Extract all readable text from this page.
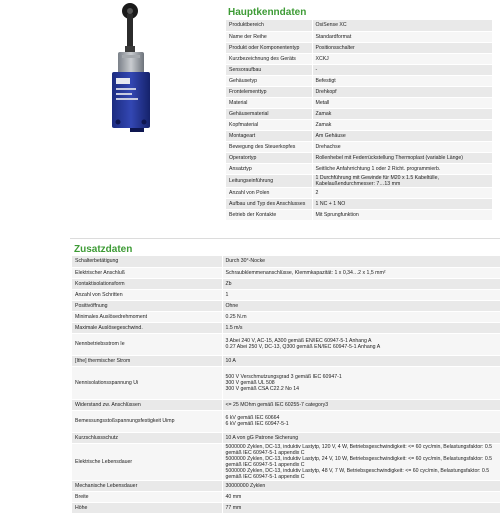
Hauptkenndaten
Produktbereich	OsiSense XC
Name der Reihe	Standardformat
Produkt oder Komponententyp	Positionsschalter
Kurzbezeichnung des Geräts	XCKJ
Sensoraufbau	-
Gehäusetyp	Befestigt
Frontelementtyp	Drehkopf
Material	Metall
Gehäusematerial	Zamak
Kopfmaterial	Zamak
Montageart	Am Gehäuse
Bewegung des Steuerkopfes	Drehachse
Operatortyp	Rollenhebel mit Federrückstellung Thermoplast (variable Länge)
Ansatztyp	Seitliche Anfahrrichtung 1 oder 2 Richt. programmierb.
Leitungseinführung	1 Durchführung mit Gewinde für M20 x 1.5 Kabeltülle, Kabelaußendurchmesser: 7…13 mm
Anzahl von Polen	2
Aufbau und Typ des Anschlusses	1 NC + 1 NO
Betrieb der Kontakte	Mit Sprungfunktion
Zusatzdaten
Schalterbetätigung	Durch 30°-Nocke
Elektrischer Anschluß	Schraubklemmenanschlüsse, Klemmkapazität: 1 x 0,34…2 x 1,5 mm²
Kontaktisolationsform	Zb
Anzahl von Schritten	1
Positivöffnung	Ohne
Minimales Auslösedrehmoment	0.25 N.m
Maximale Auslösegeschwind.	1.5 m/s
Nennbetriebsstrom Ie	3 Abei 240 V, AC-15, A300 gemäß EN/IEC 60947-5-1 Anhang A
0.27 Abei 250 V, DC-13, Q300 gemäß EN/IEC 60947-5-1 Anhang A
[Ithe] thermischer Strom	10 A
Nennisolationsspannung Ui	500 V Verschmutzungsgrad 3 gemäß IEC 60947-1
300 V gemäß UL 508
300 V gemäß CSA C22.2 No 14
Widerstand zw. Anschlüssen	<= 25 MOhm gemäß IEC 60255-7 category3
Bemessungsstoßspannungsfestigkeit Uimp	6 kV gemäß IEC 60664
6 kV gemäß IEC 60947-5-1
Kurzschlussschutz	10 A von gG Patrone Sicherung
Elektrische Lebensdauer	5000000 Zyklen, DC-13, induktiv Lastytp, 120 V, 4 W, Betriebsgeschwindigkeit: <= 60 cyc/min, Belastungsfaktor: 0.5 gemäß IEC 60947-5-1 appendix C
5000000 Zyklen, DC-13, induktiv Lastytp, 24 V, 10 W, Betriebsgeschwindigkeit: <= 60 cyc/min, Belastungsfaktor: 0.5 gemäß IEC 60947-5-1 appendix C
5000000 Zyklen, DC-13, induktiv Lastytp, 48 V, 7 W, Betriebsgeschwindigkeit: <= 60 cyc/min, Belastungsfaktor: 0.5 gemäß IEC 60947-5-1 appendix C
Mechanische Lebensdauer	30000000 Zyklen
Breite	40 mm
Höhe	77 mm
